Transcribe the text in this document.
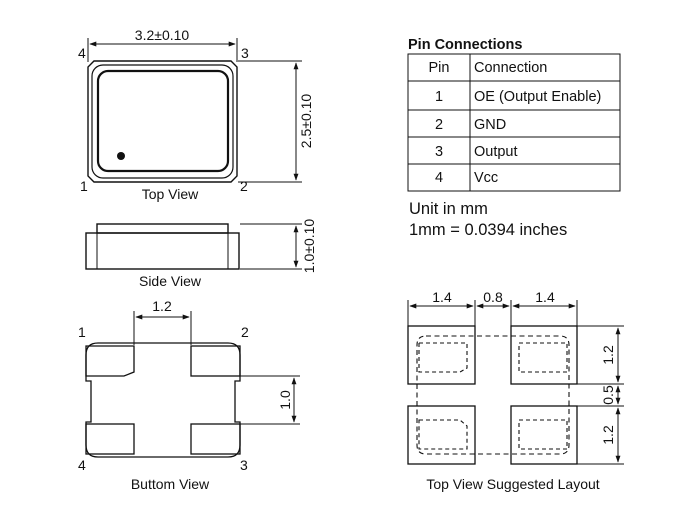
3.2±0.10
2.5±0.10
4	3
1	2
Top View
1.0±0.10
Side View
1.2
1.0
1	2
4	3
Buttom View
Pin Connections
Pin Connection
1 OE (Output Enable)
2 GND
3 Output
4 Vcc
Unit in mm
1mm = 0.0394 inches
1.4 0.8 1.4
1.2
0.5
1.2
Top View Suggested Layout
